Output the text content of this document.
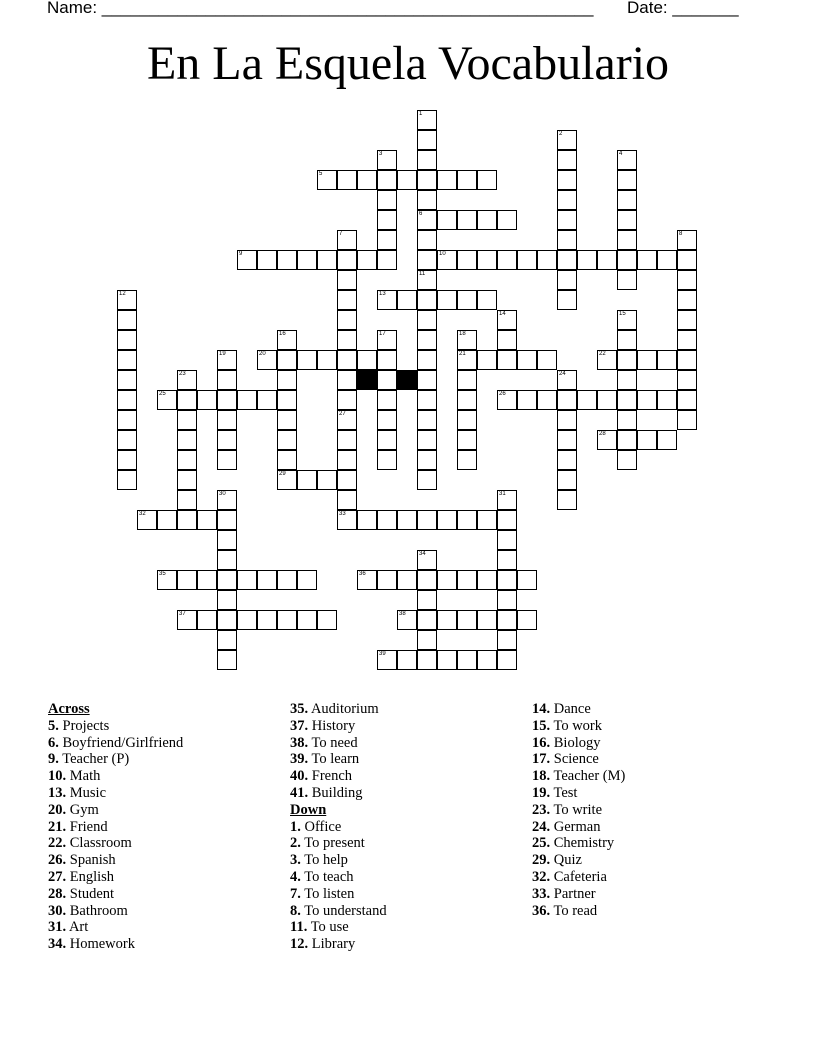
Name: ____________________________________________________ Date: _______
En La Esquela Vocabulario
1
6
2
3	4
5
7
27
8
9	10
11
12	13
14	15
16
29
17	18
21
19	20	22
23	24
25	26
33
28
30	31
32
34
35	36
37	38
39
Across
5. Projects
6. Boyfriend/Girlfriend
9. Teacher (P)
10. Math
13. Music
20. Gym
21. Friend
22. Classroom
26. Spanish
27. English
28. Student
30. Bathroom
31. Art
34. Homework
35. Auditorium
37. History
38. To need
39. To learn
40. French
41. Building
Down
1. Office
2. To present
3. To help
4. To teach
7. To listen
8. To understand
11. To use
12. Library
14. Dance
15. To work
16. Biology
17. Science
18. Teacher (M)
19. Test
23. To write
24. German
25. Chemistry
29. Quiz
32. Cafeteria
33. Partner
36. To read
